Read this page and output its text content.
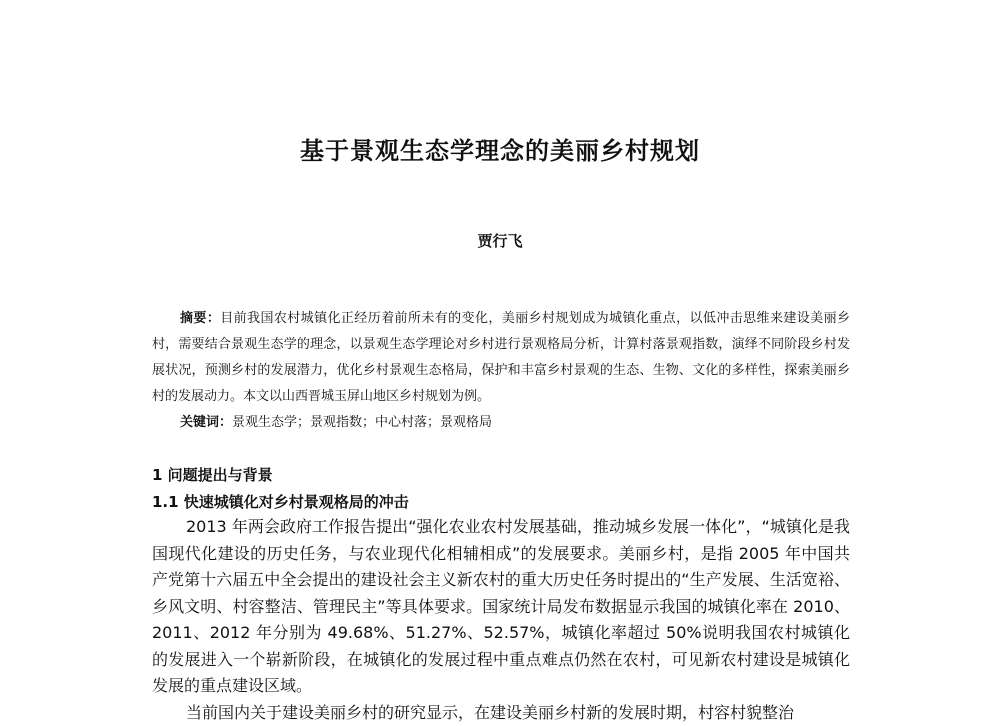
基于景观生态学理念的美丽乡村规划
贾行飞

摘要：目前我国农村城镇化正经历着前所未有的变化，美丽乡村规划成为城镇化重点，以低冲击思维来建设美丽乡村，需要结合景观生态学的理念，以景观生态学理论对乡村进行景观格局分析，计算村落景观指数，演绎不同阶段乡村发展状况，预测乡村的发展潜力，优化乡村景观生态格局，保护和丰富乡村景观的生态、生物、文化的多样性，探索美丽乡村的发展动力。本文以山西晋城玉屏山地区乡村规划为例。

关键词：景观生态学；景观指数；中心村落；景观格局

1 问题提出与背景
1.1 快速城镇化对乡村景观格局的冲击

2013 年两会政府工作报告提出“强化农业农村发展基础，推动城乡发展一体化”，“城镇化是我国现代化建设的历史任务，与农业现代化相辅相成”的发展要求。美丽乡村，是指 2005 年中国共产党第十六届五中全会提出的建设社会主义新农村的重大历史任务时提出的“生产发展、生活宽裕、乡风文明、村容整洁、管理民主”等具体要求。国家统计局发布数据显示我国的城镇化率在 2010、2011、2012 年分别为 49.68%、51.27%、52.57%，城镇化率超过 50%说明我国农村城镇化的发展进入一个崭新阶段，在城镇化的发展过程中重点难点仍然在农村，可见新农村建设是城镇化发展的重点建设区域。

当前国内关于建设美丽乡村的研究显示，在建设美丽乡村新的发展时期，村容村貌整治
